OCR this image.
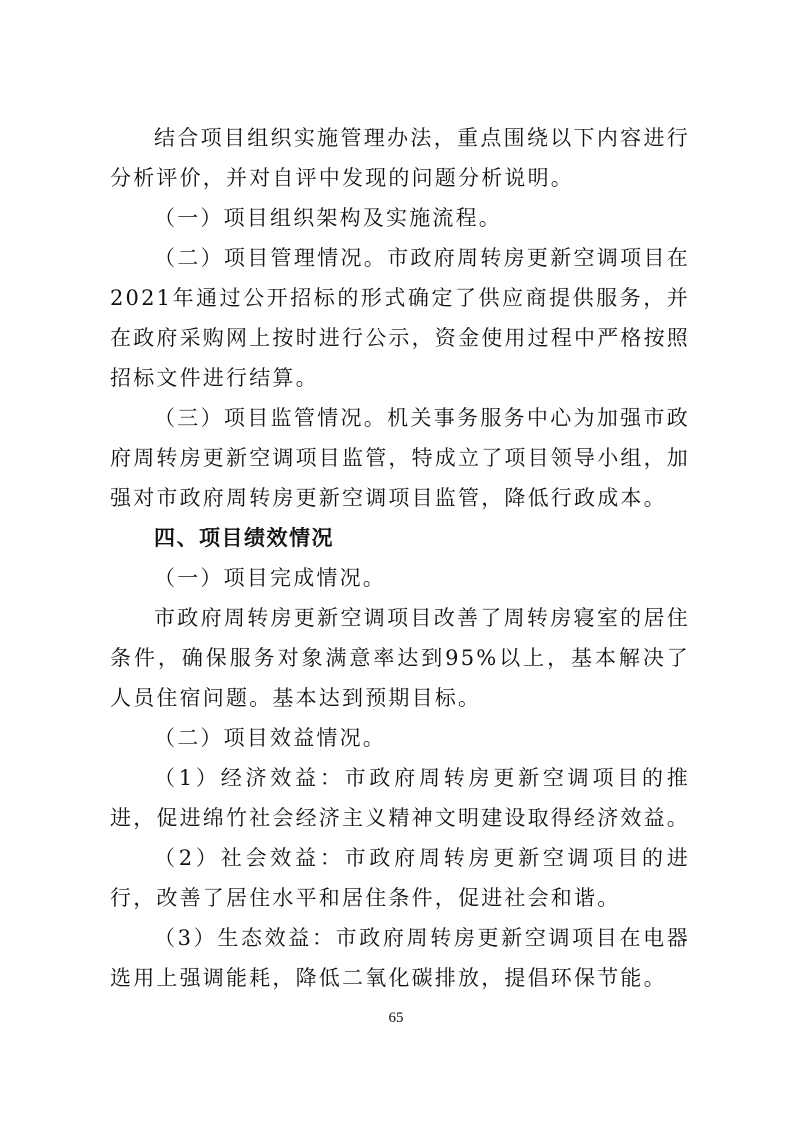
结合项目组织实施管理办法，重点围绕以下内容进行分析评价，并对自评中发现的问题分析说明。

（一）项目组织架构及实施流程。

（二）项目管理情况。市政府周转房更新空调项目在2021年通过公开招标的形式确定了供应商提供服务，并在政府采购网上按时进行公示，资金使用过程中严格按照招标文件进行结算。

（三）项目监管情况。机关事务服务中心为加强市政府周转房更新空调项目监管，特成立了项目领导小组，加强对市政府周转房更新空调项目监管，降低行政成本。

四、项目绩效情况

（一）项目完成情况。

市政府周转房更新空调项目改善了周转房寝室的居住条件，确保服务对象满意率达到95%以上，基本解决了人员住宿问题。基本达到预期目标。

（二）项目效益情况。

（1）经济效益：市政府周转房更新空调项目的推进，促进绵竹社会经济主义精神文明建设取得经济效益。

（2）社会效益：市政府周转房更新空调项目的进行，改善了居住水平和居住条件，促进社会和谐。

（3）生态效益：市政府周转房更新空调项目在电器选用上强调能耗，降低二氧化碳排放，提倡环保节能。

65
